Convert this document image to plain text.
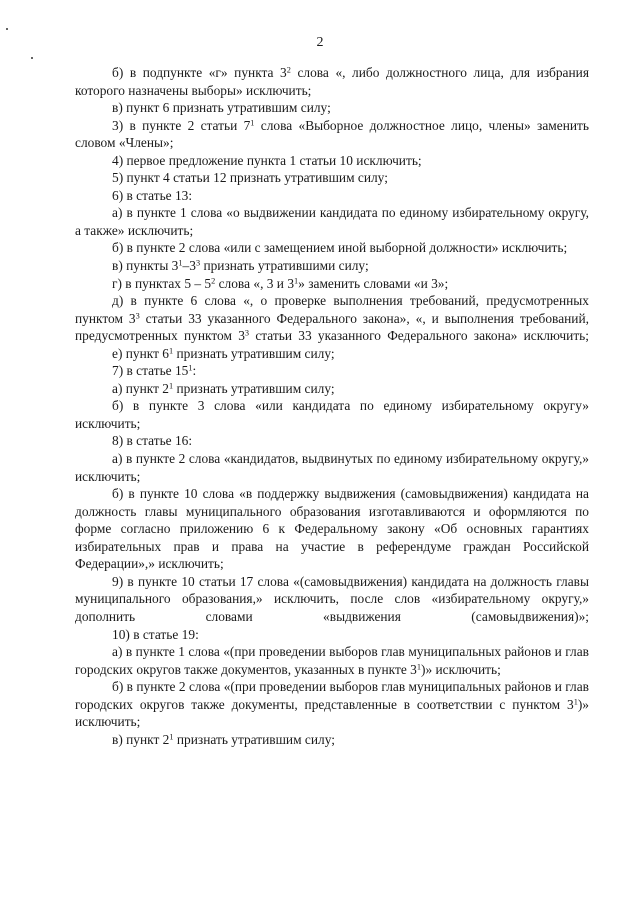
2

б) в подпункте «г» пункта $3^2$ слова «, либо должностного лица, для избрания которого назначены выборы» исключить;

в) пункт 6 признать утратившим силу;

3) в пункте 2 статьи $7^1$ слова «Выборное должностное лицо, члены» заменить словом «Члены»;

4) первое предложение пункта 1 статьи 10 исключить;

5) пункт 4 статьи 12 признать утратившим силу;

6) в статье 13:

а) в пункте 1 слова «о выдвижении кандидата по единому избирательному округу, а также» исключить;

б) в пункте 2 слова «или с замещением иной выборной должности» исключить;

в) пункты $3^1-3^3$ признать утратившими силу;

г) в пунктах $5 - 5^2$ слова «, 3 и $3^1$» заменить словами «и 3»;

д) в пункте 6 слова «, о проверке выполнения требований, предусмотренных пунктом $3^3$ статьи 33 указанного Федерального закона», «, и выполнения требований, предусмотренных пунктом $3^3$ статьи 33 указанного Федерального закона» исключить;

е) пункт $6^1$ признать утратившим силу;

7) в статье $15^1$:

а) пункт $2^1$ признать утратившим силу;

б) в пункте 3 слова «или кандидата по единому избирательному округу» исключить;

8) в статье 16:

а) в пункте 2 слова «кандидатов, выдвинутых по единому избирательному округу,» исключить;

б) в пункте 10 слова «в поддержку выдвижения (самовыдвижения) кандидата на должность главы муниципального образования изготавливаются и оформляются по форме согласно приложению 6 к Федеральному закону «Об основных гарантиях избирательных прав и права на участие в референдуме граждан Российской Федерации»,» исключить;

9) в пункте 10 статьи 17 слова «(самовыдвижения) кандидата на должность главы муниципального образования,» исключить, после слов «избирательному округу,» дополнить словами «выдвижения (самовыдвижения)»;

10) в статье 19:

а) в пункте 1 слова «(при проведении выборов глав муниципальных районов и глав городских округов также документов, указанных в пункте $3^1$)» исключить;

б) в пункте 2 слова «(при проведении выборов глав муниципальных районов и глав городских округов также документы, представленные в соответствии с пунктом $3^1$)» исключить;

в) пункт $2^1$ признать утратившим силу;
